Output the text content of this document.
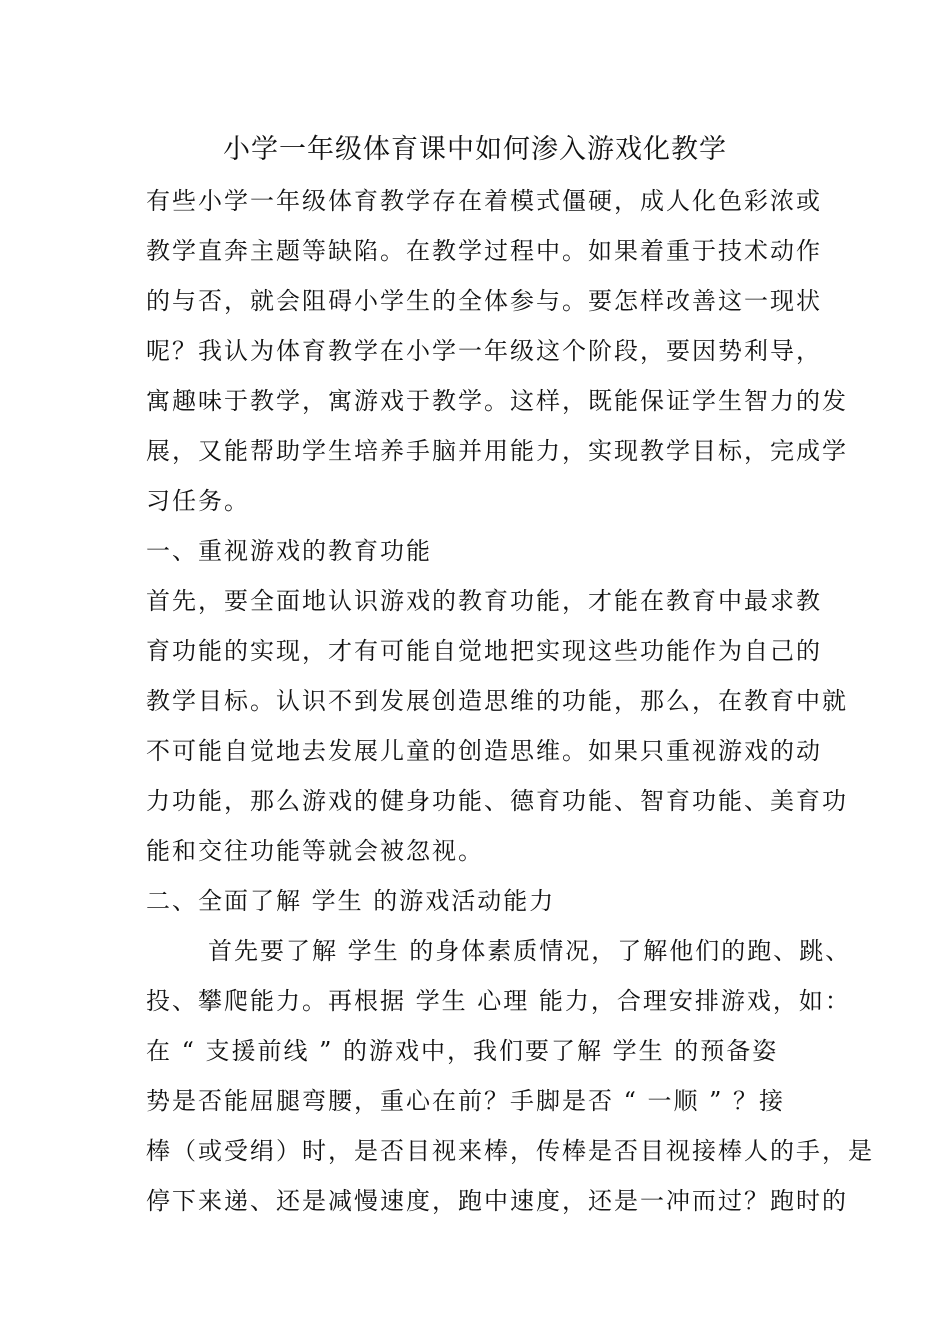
小学一年级体育课中如何渗入游戏化教学
有些小学一年级体育教学存在着模式僵硬，成人化色彩浓或
教学直奔主题等缺陷。在教学过程中。如果着重于技术动作
的与否，就会阻碍小学生的全体参与。要怎样改善这一现状
呢？我认为体育教学在小学一年级这个阶段，要因势利导，
寓趣味于教学，寓游戏于教学。这样，既能保证学生智力的发
展，又能帮助学生培养手脑并用能力，实现教学目标，完成学
习任务。
一、重视游戏的教育功能
首先，要全面地认识游戏的教育功能，才能在教育中最求教
育功能的实现，才有可能自觉地把实现这些功能作为自己的
教学目标。认识不到发展创造思维的功能，那么，在教育中就
不可能自觉地去发展儿童的创造思维。如果只重视游戏的动
力功能，那么游戏的健身功能、德育功能、智育功能、美育功
能和交往功能等就会被忽视。
二、全面了解 学生 的游戏活动能力
首先要了解 学生 的身体素质情况，了解他们的跑、跳、
投、攀爬能力。再根据 学生 心理 能力，合理安排游戏，如：
在 “ 支援前线 ” 的游戏中，我们要了解 学生 的预备姿
势是否能屈腿弯腰，重心在前？手脚是否 “ 一顺 ” ？接
棒（或受绢）时，是否目视来棒，传棒是否目视接棒人的手，是
停下来递、还是减慢速度，跑中速度，还是一冲而过？跑时的
